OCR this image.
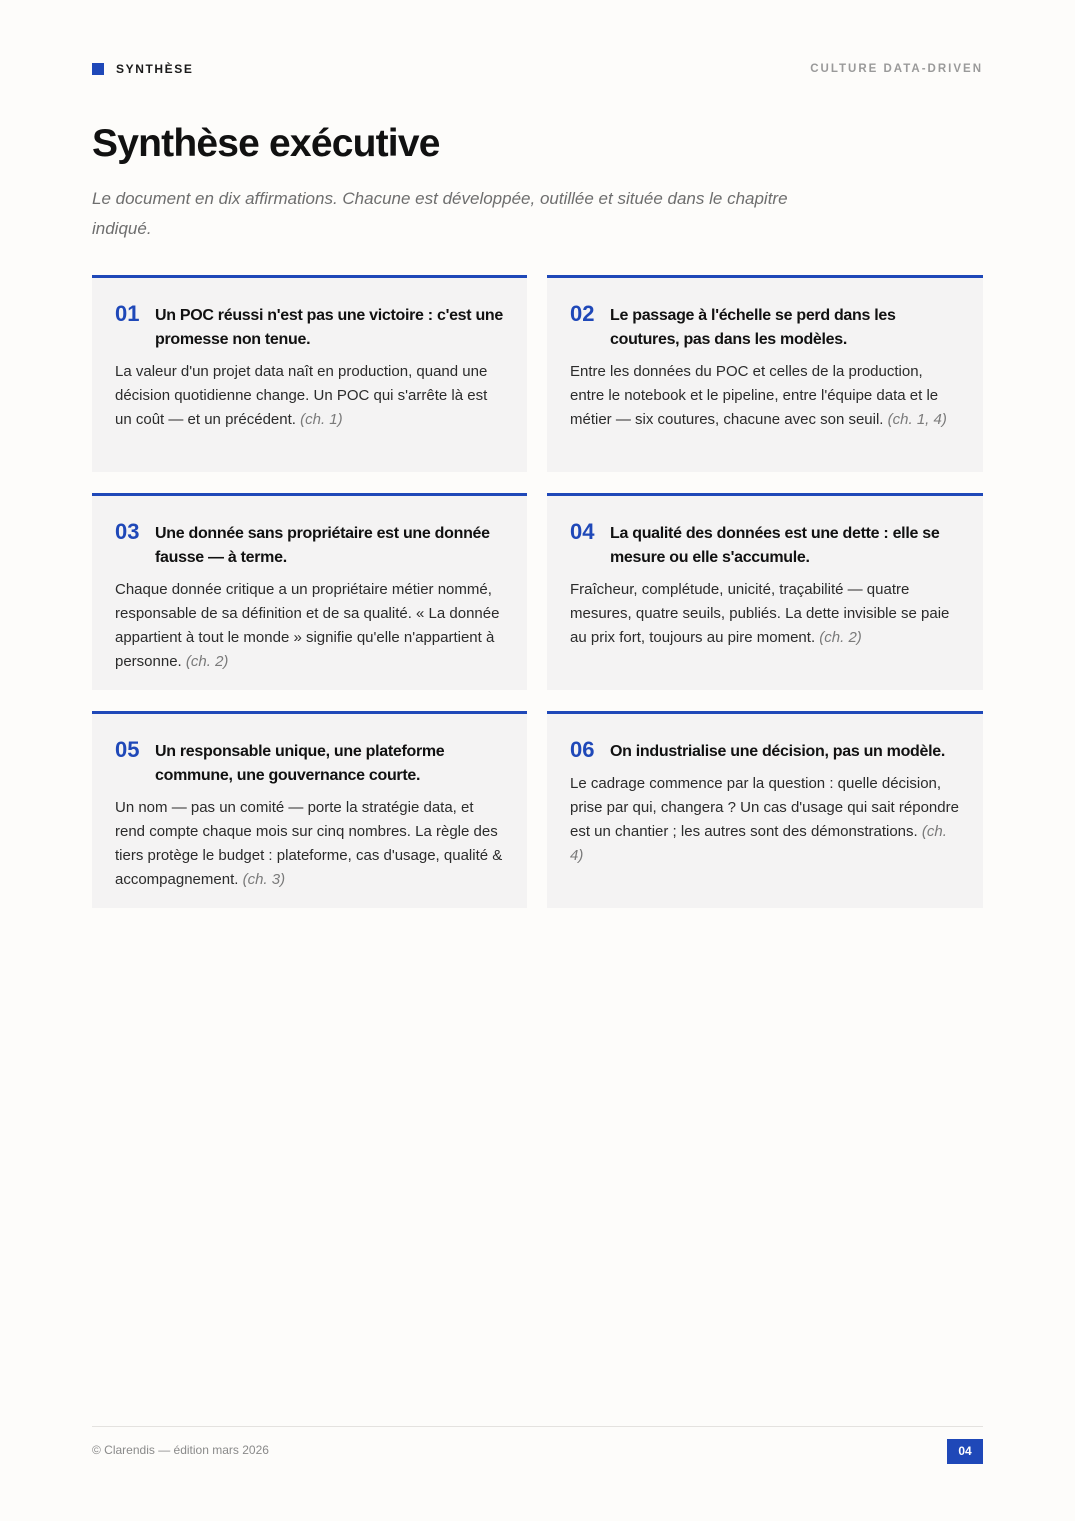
SYNTHÈSE	CULTURE DATA-DRIVEN
Synthèse exécutive

Le document en dix affirmations. Chacune est développée, outillée et située dans le chapitre indiqué.

01 Un POC réussi n'est pas une victoire : c'est une promesse non tenue.
La valeur d'un projet data naît en production, quand une décision quotidienne change. Un POC qui s'arrête là est un coût — et un précédent. (ch. 1)
02 Le passage à l'échelle se perd dans les coutures, pas dans les modèles.
Entre les données du POC et celles de la production, entre le notebook et le pipeline, entre l'équipe data et le métier — six coutures, chacune avec son seuil. (ch. 1, 4)
03 Une donnée sans propriétaire est une donnée fausse — à terme.
Chaque donnée critique a un propriétaire métier nommé, responsable de sa définition et de sa qualité. « La donnée appartient à tout le monde » signifie qu'elle n'appartient à personne. (ch. 2)
04 La qualité des données est une dette : elle se mesure ou elle s'accumule.
Fraîcheur, complétude, unicité, traçabilité — quatre mesures, quatre seuils, publiés. La dette invisible se paie au prix fort, toujours au pire moment. (ch. 2)
05 Un responsable unique, une plateforme commune, une gouvernance courte.
Un nom — pas un comité — porte la stratégie data, et rend compte chaque mois sur cinq nombres. La règle des tiers protège le budget : plateforme, cas d'usage, qualité & accompagnement. (ch. 3)
06 On industrialise une décision, pas un modèle.
Le cadrage commence par la question : quelle décision, prise par qui, changera ? Un cas d'usage qui sait répondre est un chantier ; les autres sont des démonstrations. (ch. 4)
© Clarendis — édition mars 2026	04
